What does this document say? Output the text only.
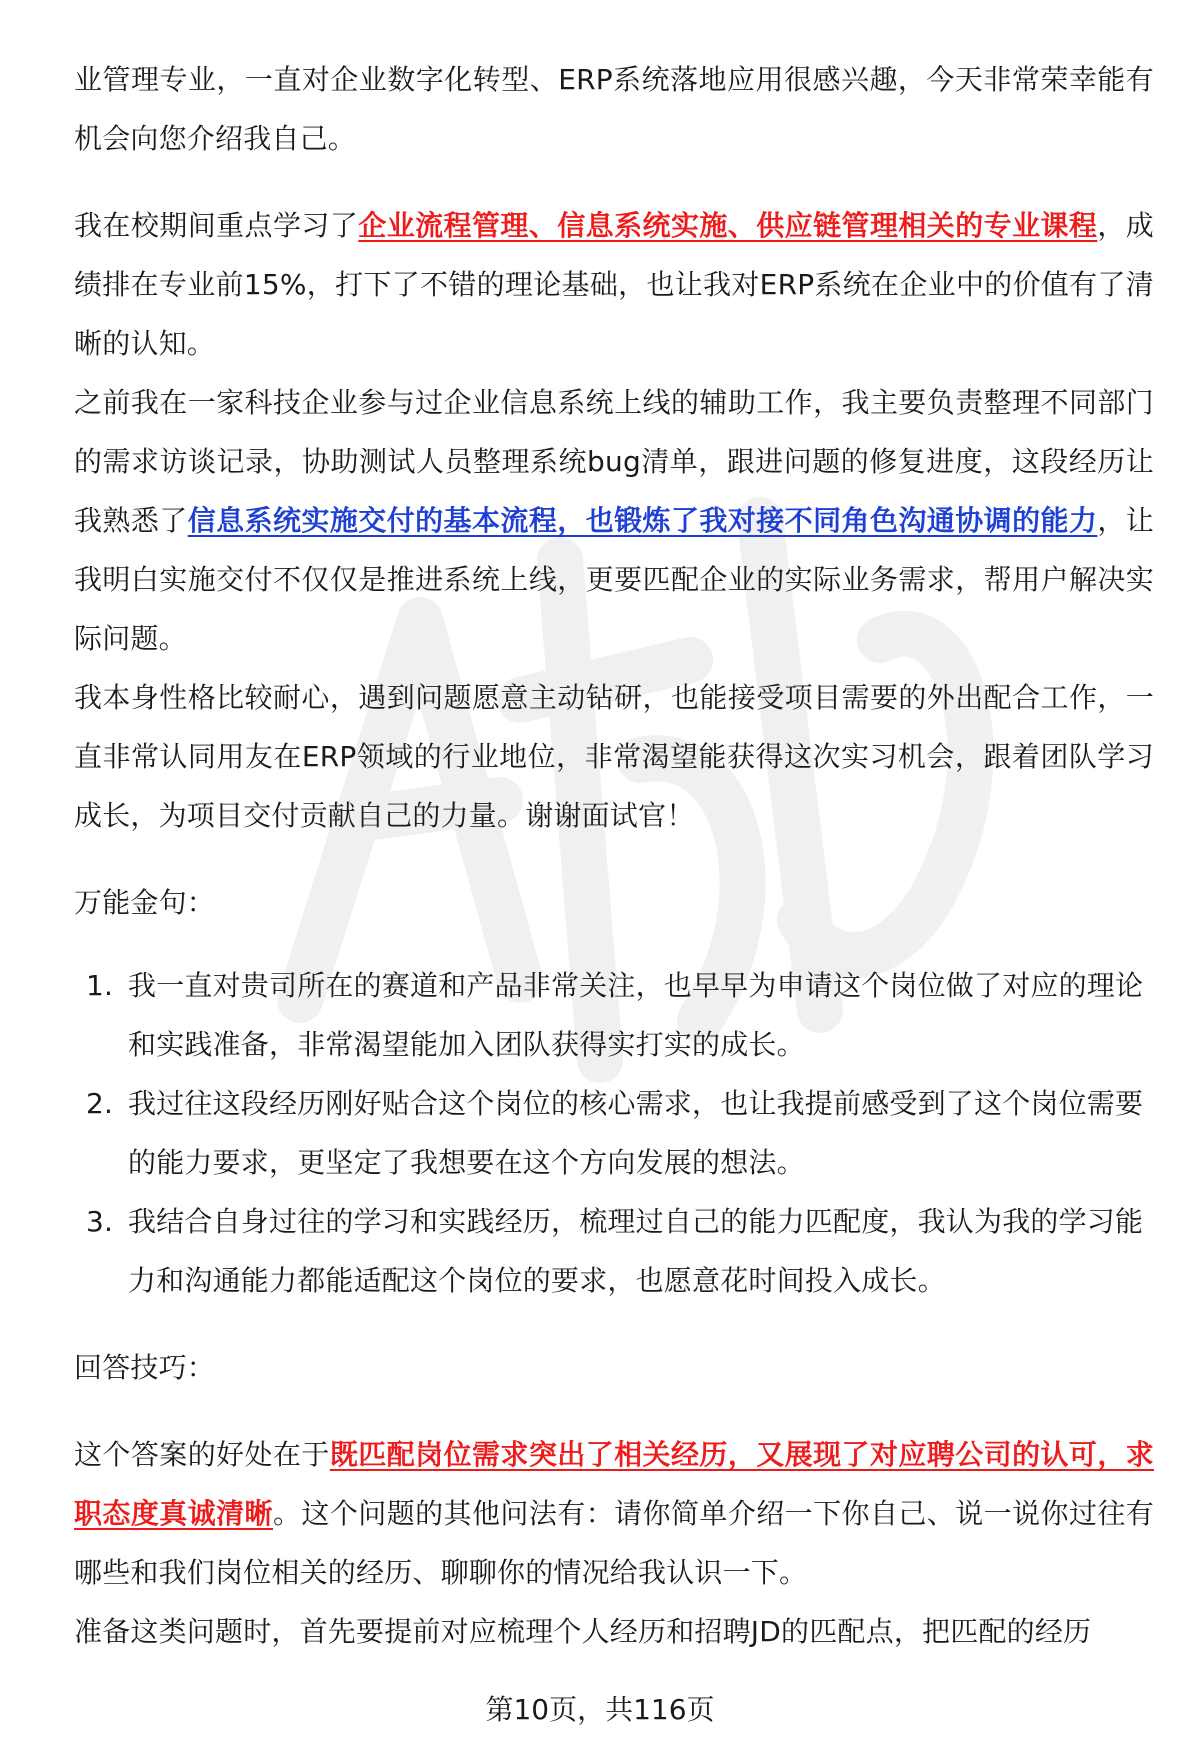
业管理专业，一直对企业数字化转型、ERP系统落地应用很感兴趣，今天非常荣幸能有机会向您介绍我自己。

我在校期间重点学习了企业流程管理、信息系统实施、供应链管理相关的专业课程，成绩排在专业前15%，打下了不错的理论基础，也让我对ERP系统在企业中的价值有了清晰的认知。

之前我在一家科技企业参与过企业信息系统上线的辅助工作，我主要负责整理不同部门的需求访谈记录，协助测试人员整理系统bug清单，跟进问题的修复进度，这段经历让我熟悉了信息系统实施交付的基本流程，也锻炼了我对接不同角色沟通协调的能力，让我明白实施交付不仅仅是推进系统上线，更要匹配企业的实际业务需求，帮用户解决实际问题。

我本身性格比较耐心，遇到问题愿意主动钻研，也能接受项目需要的外出配合工作，一直非常认同用友在ERP领域的行业地位，非常渴望能获得这次实习机会，跟着团队学习成长，为项目交付贡献自己的力量。谢谢面试官！

万能金句：

1. 我一直对贵司所在的赛道和产品非常关注，也早早为申请这个岗位做了对应的理论和实践准备，非常渴望能加入团队获得实打实的成长。
2. 我过往这段经历刚好贴合这个岗位的核心需求，也让我提前感受到了这个岗位需要的能力要求，更坚定了我想要在这个方向发展的想法。
3. 我结合自身过往的学习和实践经历，梳理过自己的能力匹配度，我认为我的学习能力和沟通能力都能适配这个岗位的要求，也愿意花时间投入成长。

回答技巧：

这个答案的好处在于既匹配岗位需求突出了相关经历，又展现了对应聘公司的认可，求职态度真诚清晰。这个问题的其他问法有：请你简单介绍一下你自己、说一说你过往有哪些和我们岗位相关的经历、聊聊你的情况给我认识一下。

准备这类问题时，首先要提前对应梳理个人经历和招聘JD的匹配点，把匹配的经历

第10页，共116页
